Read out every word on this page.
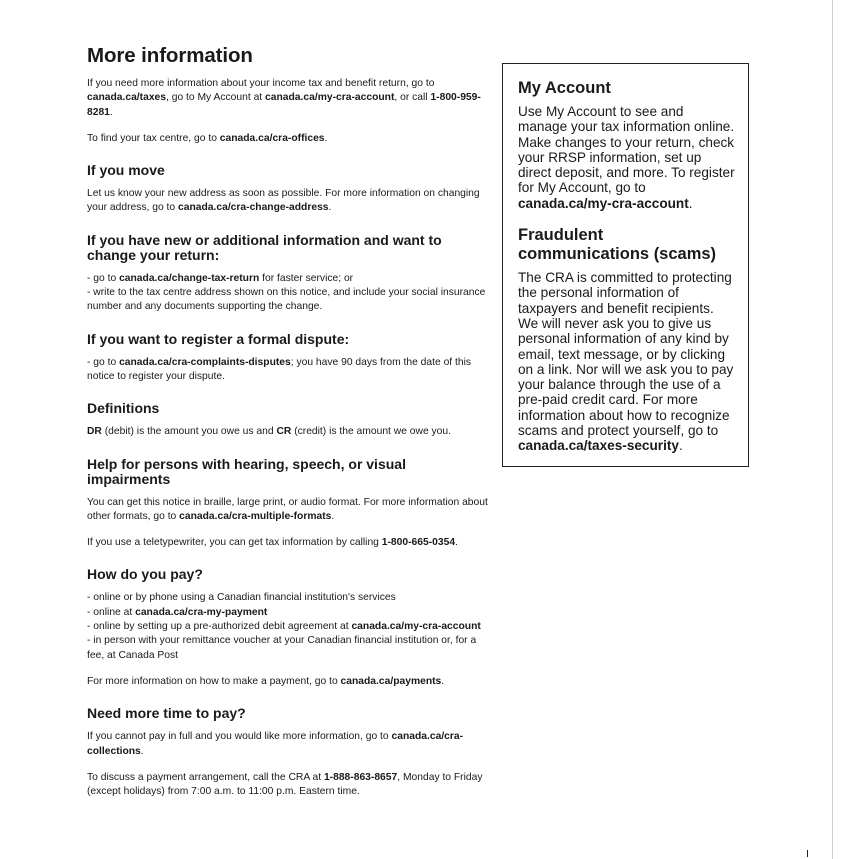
More information

If you need more information about your income tax and benefit return, go to canada.ca/taxes, go to My Account at canada.ca/my-cra-account, or call 1-800-959-8281.

To find your tax centre, go to canada.ca/cra-offices.

If you move

Let us know your new address as soon as possible. For more information on changing your address, go to canada.ca/cra-change-address.

If you have new or additional information and want to change your return:
- go to canada.ca/change-tax-return for faster service; or
- write to the tax centre address shown on this notice, and include your social insurance number and any documents supporting the change.
If you want to register a formal dispute:

- go to canada.ca/cra-complaints-disputes; you have 90 days from the date of this notice to register your dispute.

Definitions

DR (debit) is the amount you owe us and CR (credit) is the amount we owe you.

Help for persons with hearing, speech, or visual impairments

You can get this notice in braille, large print, or audio format. For more information about other formats, go to canada.ca/cra-multiple-formats.

If you use a teletypewriter, you can get tax information by calling 1-800-665-0354.

How do you pay?
- online or by phone using a Canadian financial institution's services
- online at canada.ca/cra-my-payment
- online by setting up a pre-authorized debit agreement at canada.ca/my-cra-account
- in person with your remittance voucher at your Canadian financial institution or, for a fee, at Canada Post

For more information on how to make a payment, go to canada.ca/payments.

Need more time to pay?

If you cannot pay in full and you would like more information, go to canada.ca/cra-collections.

To discuss a payment arrangement, call the CRA at 1-888-863-8657, Monday to Friday (except holidays) from 7:00 a.m. to 11:00 p.m. Eastern time.

My Account

Use My Account to see and manage your tax information online. Make changes to your return, check your RRSP information, set up direct deposit, and more. To register for My Account, go to canada.ca/my-cra-account.

Fraudulent communications (scams)

The CRA is committed to protecting the personal information of taxpayers and benefit recipients. We will never ask you to give us personal information of any kind by email, text message, or by clicking on a link. Nor will we ask you to pay your balance through the use of a pre-paid credit card. For more information about how to recognize scams and protect yourself, go to canada.ca/taxes-security.
